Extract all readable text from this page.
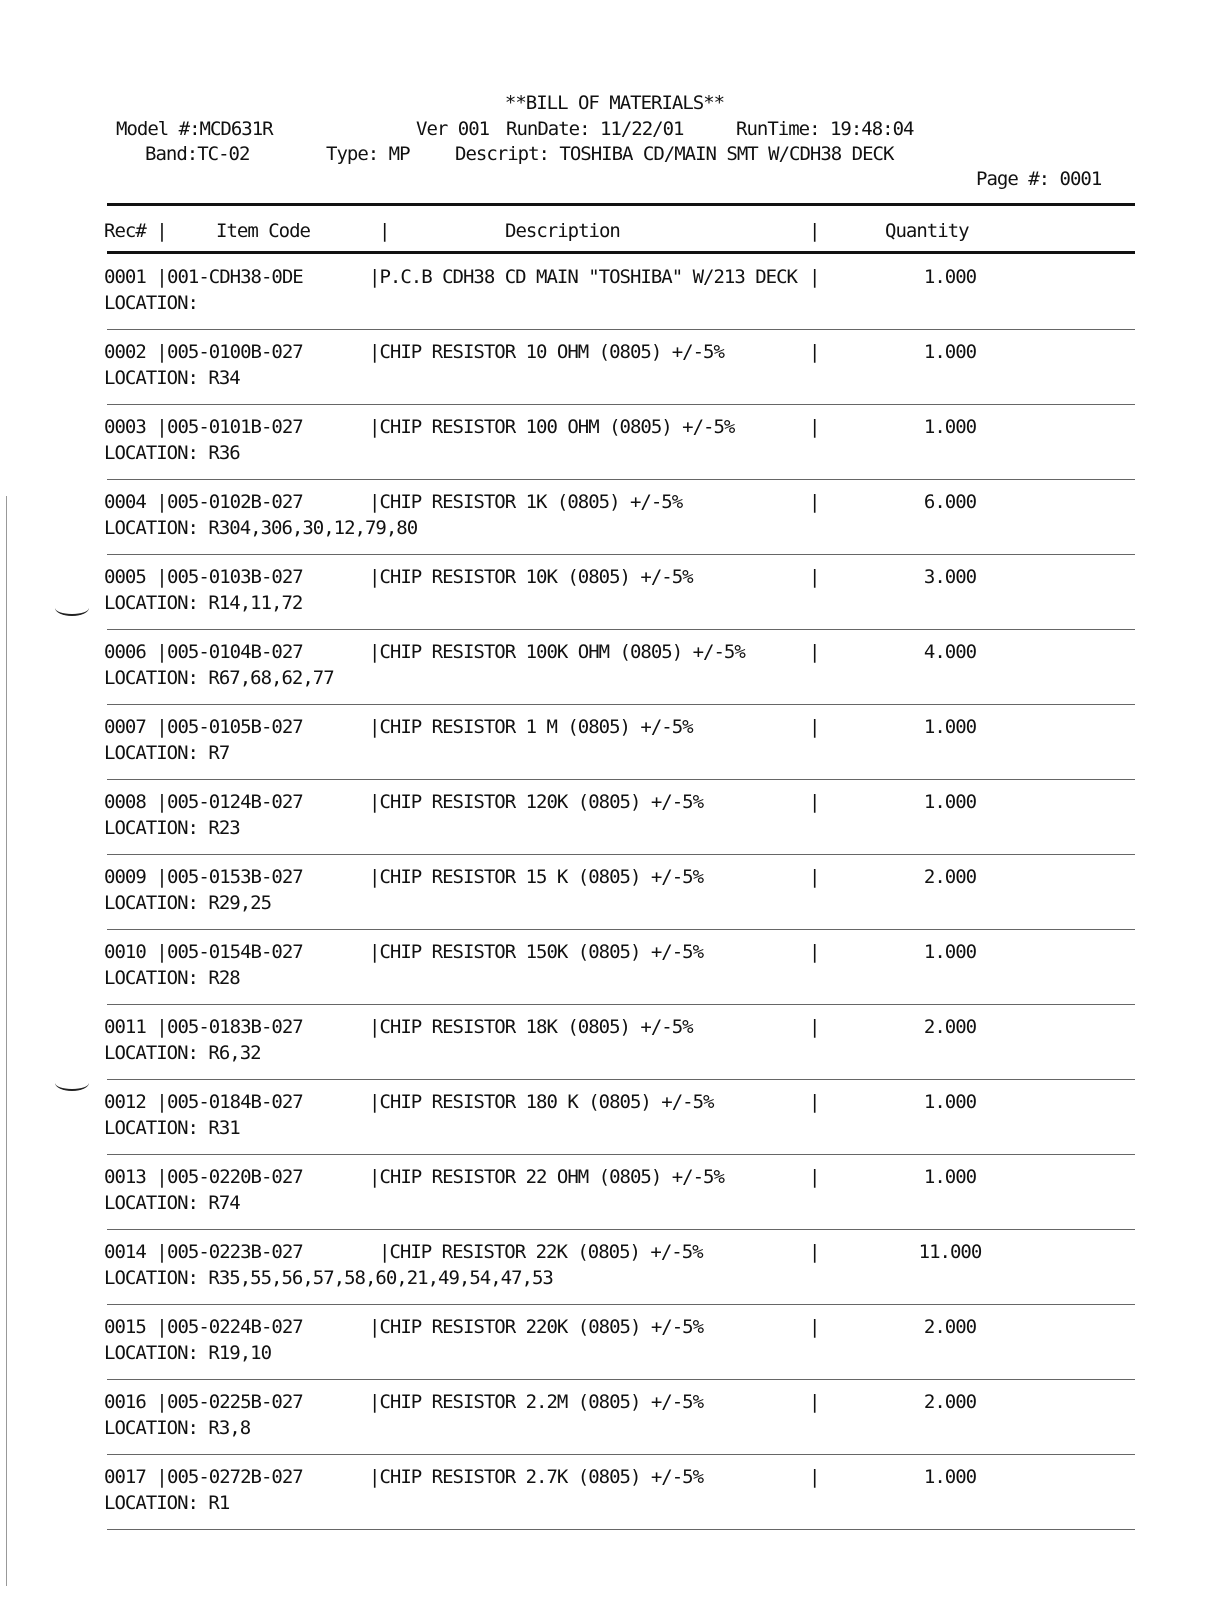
**BILL OF MATERIALS**
Model #:MCD631R	Ver 001 RunDate: 11/22/01	RunTime: 19:48:04
Band:TC-02	Type: MP Descript: TOSHIBA CD/MAIN SMT W/CDH38 DECK
Page #: 0001
Rec# |	Item Code	|	Description	|	Quantity
0001 | 001-CDH38-0DE	|P.C.B CDH38 CD MAIN "TOSHIBA" W/213 DECK |	1.000
LOCATION:
0002 | 005-0100B-027	|CHIP RESISTOR 10 OHM (0805) +/-5%	|	1.000
LOCATION: R34
0003 | 005-0101B-027	|CHIP RESISTOR 100 OHM (0805) +/-5%	|	1.000
LOCATION: R36
0004 | 005-0102B-027	|CHIP RESISTOR 1K (0805) +/-5%	|	6.000
LOCATION: R304,306,30,12,79,80
0005 | 005-0103B-027	|CHIP RESISTOR 10K (0805) +/-5%	|	3.000
LOCATION: R14,11,72
0006 | 005-0104B-027	|CHIP RESISTOR 100K OHM (0805) +/-5%	|	4.000
LOCATION: R67,68,62,77
0007 | 005-0105B-027	|CHIP RESISTOR 1 M (0805) +/-5%	|	1.000
LOCATION: R7
0008 | 005-0124B-027	|CHIP RESISTOR 120K (0805) +/-5%	|	1.000
LOCATION: R23
0009 | 005-0153B-027	|CHIP RESISTOR 15 K (0805) +/-5%	|	2.000
LOCATION: R29,25
0010 | 005-0154B-027	|CHIP RESISTOR 150K (0805) +/-5%	|	1.000
LOCATION: R28
0011 | 005-0183B-027	|CHIP RESISTOR 18K (0805) +/-5%	|	2.000
LOCATION: R6,32
0012 | 005-0184B-027	|CHIP RESISTOR 180 K (0805) +/-5%	|	1.000
LOCATION: R31
0013 | 005-0220B-027	|CHIP RESISTOR 22 OHM (0805) +/-5%	|	1.000
LOCATION: R74
0014 | 005-0223B-027	|CHIP RESISTOR 22K (0805) +/-5%	|	11.000
LOCATION: R35,55,56,57,58,60,21,49,54,47,53
0015 | 005-0224B-027	|CHIP RESISTOR 220K (0805) +/-5%	|	2.000
LOCATION: R19,10
0016 | 005-0225B-027	|CHIP RESISTOR 2.2M (0805) +/-5%	|	2.000
LOCATION: R3,8
0017 | 005-0272B-027	|CHIP RESISTOR 2.7K (0805) +/-5%	|	1.000
LOCATION: R1
